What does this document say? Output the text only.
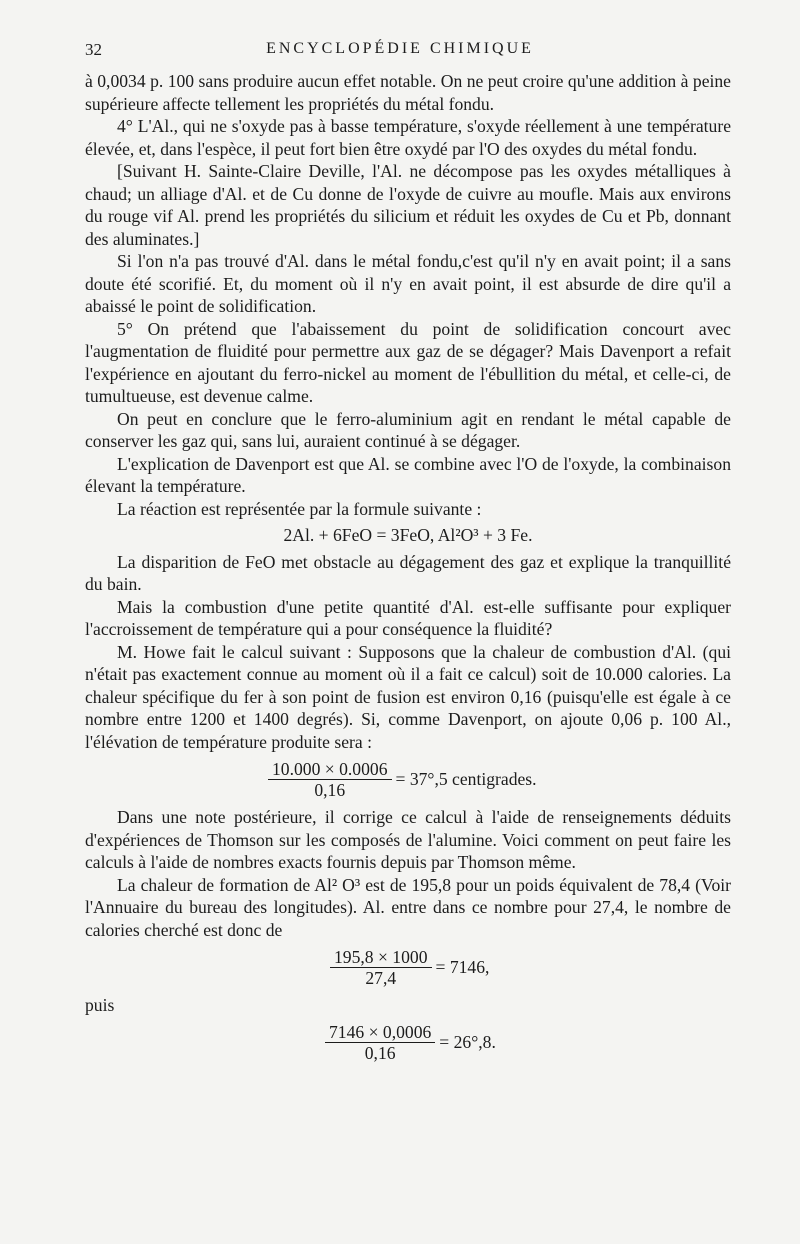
32	ENCYCLOPÉDIE CHIMIQUE

à 0,0034 p. 100 sans produire aucun effet notable. On ne peut croire qu'une addition à peine supérieure affecte tellement les propriétés du métal fondu.

4° L'Al., qui ne s'oxyde pas à basse température, s'oxyde réellement à une température élevée, et, dans l'espèce, il peut fort bien être oxydé par l'O des oxydes du métal fondu.

[Suivant H. Sainte-Claire Deville, l'Al. ne décompose pas les oxydes métalliques à chaud; un alliage d'Al. et de Cu donne de l'oxyde de cuivre au moufle. Mais aux environs du rouge vif Al. prend les propriétés du silicium et réduit les oxydes de Cu et Pb, donnant des aluminates.]

Si l'on n'a pas trouvé d'Al. dans le métal fondu,c'est qu'il n'y en avait point; il a sans doute été scorifié. Et, du moment où il n'y en avait point, il est absurde de dire qu'il a abaissé le point de solidification.

5° On prétend que l'abaissement du point de solidification concourt avec l'augmentation de fluidité pour permettre aux gaz de se dégager? Mais Davenport a refait l'expérience en ajoutant du ferro-nickel au moment de l'ébullition du métal, et celle-ci, de tumultueuse, est devenue calme.

On peut en conclure que le ferro-aluminium agit en rendant le métal capable de conserver les gaz qui, sans lui, auraient continué à se dégager.

L'explication de Davenport est que Al. se combine avec l'O de l'oxyde, la combinaison élevant la température.

La réaction est représentée par la formule suivante :

2Al. + 6FeO = 3FeO, Al²O³ + 3 Fe.

La disparition de FeO met obstacle au dégagement des gaz et explique la tranquillité du bain.

Mais la combustion d'une petite quantité d'Al. est-elle suffisante pour expliquer l'accroissement de température qui a pour conséquence la fluidité?

M. Howe fait le calcul suivant : Supposons que la chaleur de combustion d'Al. (qui n'était pas exactement connue au moment où il a fait ce calcul) soit de 10.000 calories. La chaleur spécifique du fer à son point de fusion est environ 0,16 (puisqu'elle est égale à ce nombre entre 1200 et 1400 degrés). Si, comme Davenport, on ajoute 0,06 p. 100 Al., l'élévation de température produite sera :

$\frac{10.000 \times 0.0006}{0,16} = 37^\circ,5$ centigrades.

Dans une note postérieure, il corrige ce calcul à l'aide de renseignements déduits d'expériences de Thomson sur les composés de l'alumine. Voici comment on peut faire les calculs à l'aide de nombres exacts fournis depuis par Thomson même.

La chaleur de formation de Al² O³ est de 195,8 pour un poids équivalent de 78,4 (Voir l'Annuaire du bureau des longitudes). Al. entre dans ce nombre pour 27,4, le nombre de calories cherché est donc de

$\frac{195,8 \times 1000}{27,4} = 7146$,

puis

$\frac{7146 \times 0,0006}{0,16} = 26^\circ,8$.
